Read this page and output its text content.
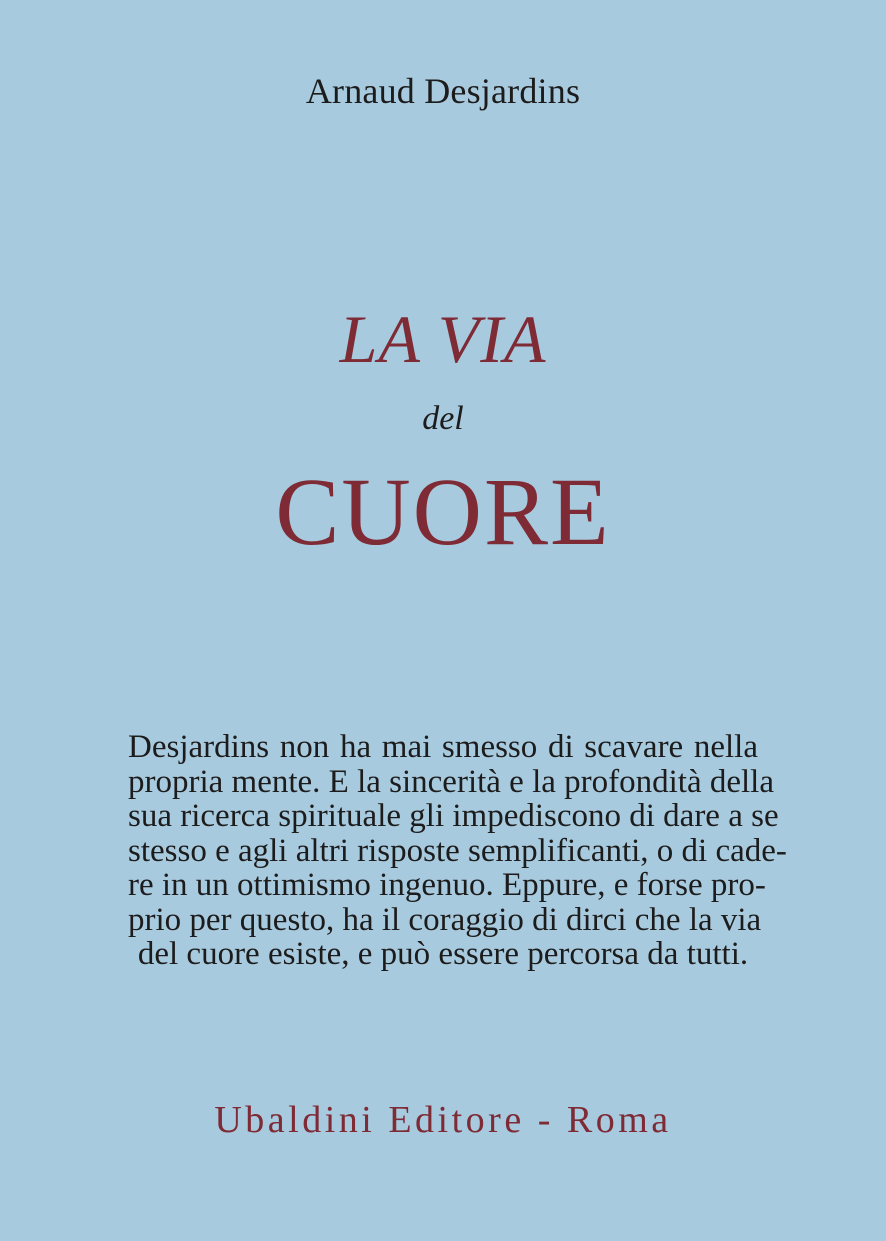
Arnaud Desjardins
LA VIA
del
CUORE
Desjardins non ha mai smesso di scavare nella
propria mente. E la sincerità e la profondità della
sua ricerca spirituale gli impediscono di dare a se
stesso e agli altri risposte semplificanti, o di cade-
re in un ottimismo ingenuo. Eppure, e forse pro-
prio per questo, ha il coraggio di dirci che la via
del cuore esiste, e può essere percorsa da tutti.
Ubaldini Editore - Roma
